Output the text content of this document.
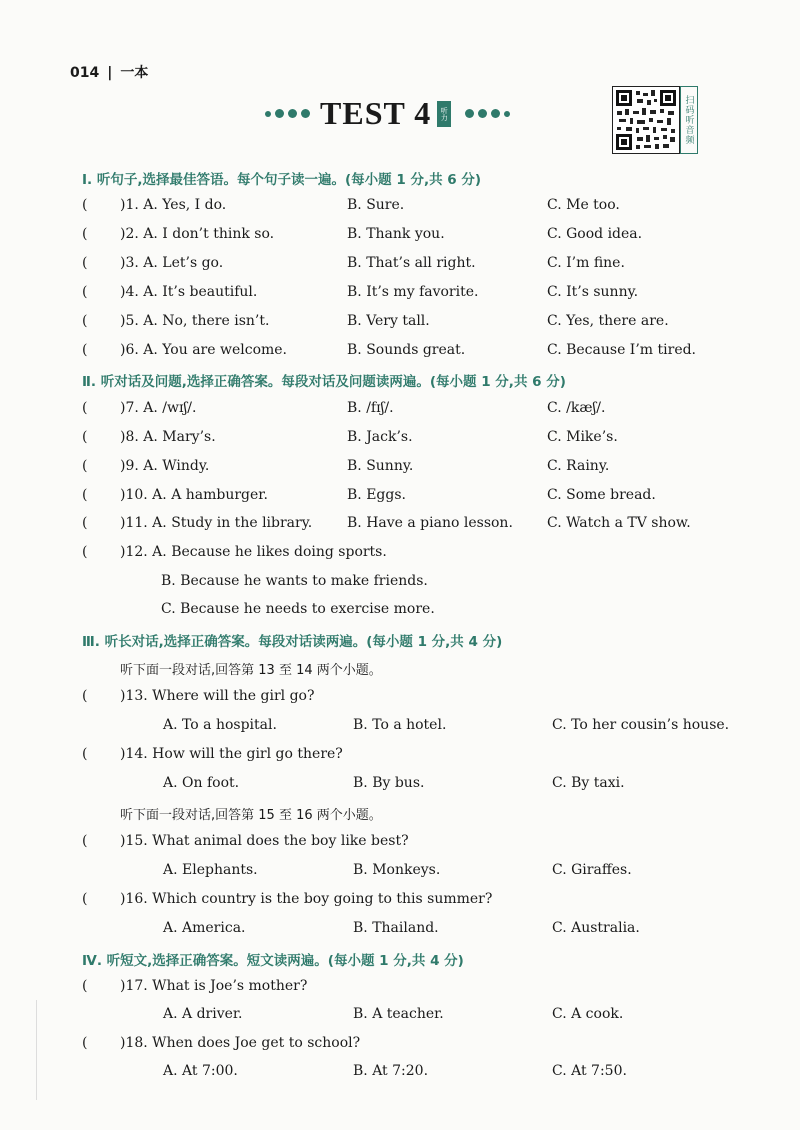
014 | 一本
TEST 4	听力	扫码听音频
Ⅰ. 听句子,选择最佳答语。每个句子读一遍。(每小题 1 分,共 6 分)
( )1. A. Yes, I do.	B. Sure.	C. Me too.
( )2. A. I don’t think so.	B. Thank you.	C. Good idea.
( )3. A. Let’s go.	B. That’s all right.	C. I’m fine.
( )4. A. It’s beautiful.	B. It’s my favorite.	C. It’s sunny.
( )5. A. No, there isn’t.	B. Very tall.	C. Yes, there are.
( )6. A. You are welcome.	B. Sounds great.	C. Because I’m tired.
Ⅱ. 听对话及问题,选择正确答案。每段对话及问题读两遍。(每小题 1 分,共 6 分)
( )7. A. /wɪʃ/.	B. /fɪʃ/.	C. /kæʃ/.
( )8. A. Mary’s.	B. Jack’s.	C. Mike’s.
( )9. A. Windy.	B. Sunny.	C. Rainy.
( )10. A. A hamburger.	B. Eggs.	C. Some bread.
( )11. A. Study in the library. B. Have a piano lesson. C. Watch a TV show.
( )12. A. Because he likes doing sports.
B. Because he wants to make friends.
C. Because he needs to exercise more.
Ⅲ. 听长对话,选择正确答案。每段对话读两遍。(每小题 1 分,共 4 分)
听下面一段对话,回答第 13 至 14 两个小题。
( )13. Where will the girl go?
A. To a hospital.	B. To a hotel.	C. To her cousin’s house.
( )14. How will the girl go there?
A. On foot.	B. By bus.	C. By taxi.
听下面一段对话,回答第 15 至 16 两个小题。
( )15. What animal does the boy like best?
A. Elephants.	B. Monkeys.	C. Giraffes.
( )16. Which country is the boy going to this summer?
A. America.	B. Thailand.	C. Australia.
Ⅳ. 听短文,选择正确答案。短文读两遍。(每小题 1 分,共 4 分)
( )17. What is Joe’s mother?
A. A driver.	B. A teacher.	C. A cook.
( )18. When does Joe get to school?
A. At 7:00.	B. At 7:20.	C. At 7:50.
